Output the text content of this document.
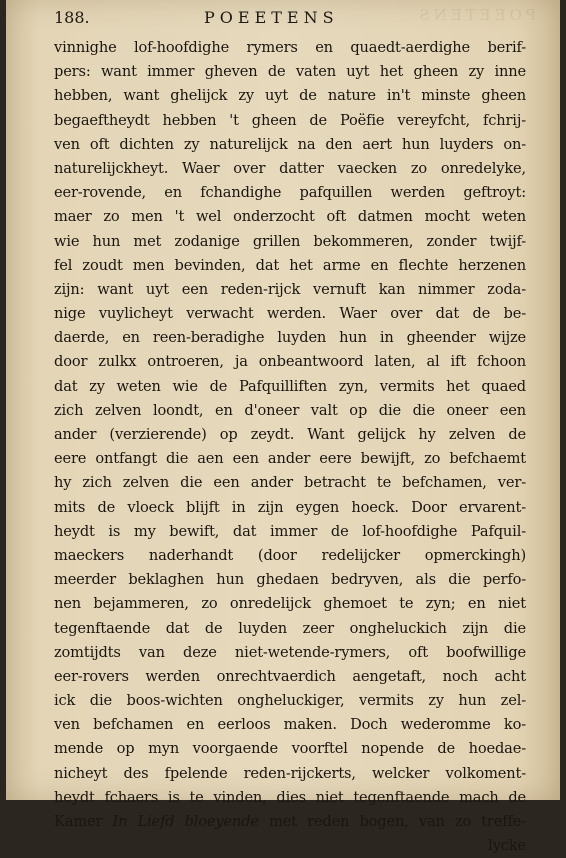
POEETENS
188.	POEETENS
vinnighe lof-hoofdighe rymers en quaedt-aerdighe berif-
pers: want immer gheven de vaten uyt het gheen zy inne
hebben, want ghelijck zy uyt de nature in't minste gheen
begaeftheydt hebben 't gheen de Poëfie vereyfcht, fchrij-
ven oft dichten zy naturelijck na den aert hun luyders on-
naturelijckheyt. Waer over datter vaecken zo onredelyke,
eer-rovende, en fchandighe pafquillen werden geftroyt:
maer zo men 't wel onderzocht oft datmen mocht weten
wie hun met zodanige grillen bekommeren, zonder twijf-
fel zoudt men bevinden, dat het arme en flechte herzenen
zijn: want uyt een reden-rijck vernuft kan nimmer zoda-
nige vuylicheyt verwacht werden. Waer over dat de be-
daerde, en reen-beradighe luyden hun in gheender wijze
door zulkx ontroeren, ja onbeantwoord laten, al ift fchoon
dat zy weten wie de Pafquilliften zyn, vermits het quaed
zich zelven loondt, en d'oneer valt op die die oneer een
ander (verzierende) op zeydt. Want gelijck hy zelven de
eere ontfangt die aen een ander eere bewijft, zo befchaemt
hy zich zelven die een ander betracht te befchamen, ver-
mits de vloeck blijft in zijn eygen hoeck. Door ervarent-
heydt is my bewift, dat immer de lof-hoofdighe Pafquil-
maeckers naderhandt (door redelijcker opmerckingh)
meerder beklaghen hun ghedaen bedryven, als die perfo-
nen bejammeren, zo onredelijck ghemoet te zyn; en niet
tegenftaende dat de luyden zeer ongheluckich zijn die
zomtijdts van deze niet-wetende-rymers, oft boofwillige
eer-rovers werden onrechtvaerdich aengetaft, noch acht
ick die boos-wichten ongheluckiger, vermits zy hun zel-
ven befchamen en eerloos maken. Doch wederomme ko-
mende op myn voorgaende voorftel nopende de hoedae-
nicheyt des fpelende reden-rijckerts, welcker volkoment-
heydt fchaers is te vinden, dies niet tegenftaende mach de
Kamer In Liefd bloeyende met reden bogen, van zo treffe-
lycke
